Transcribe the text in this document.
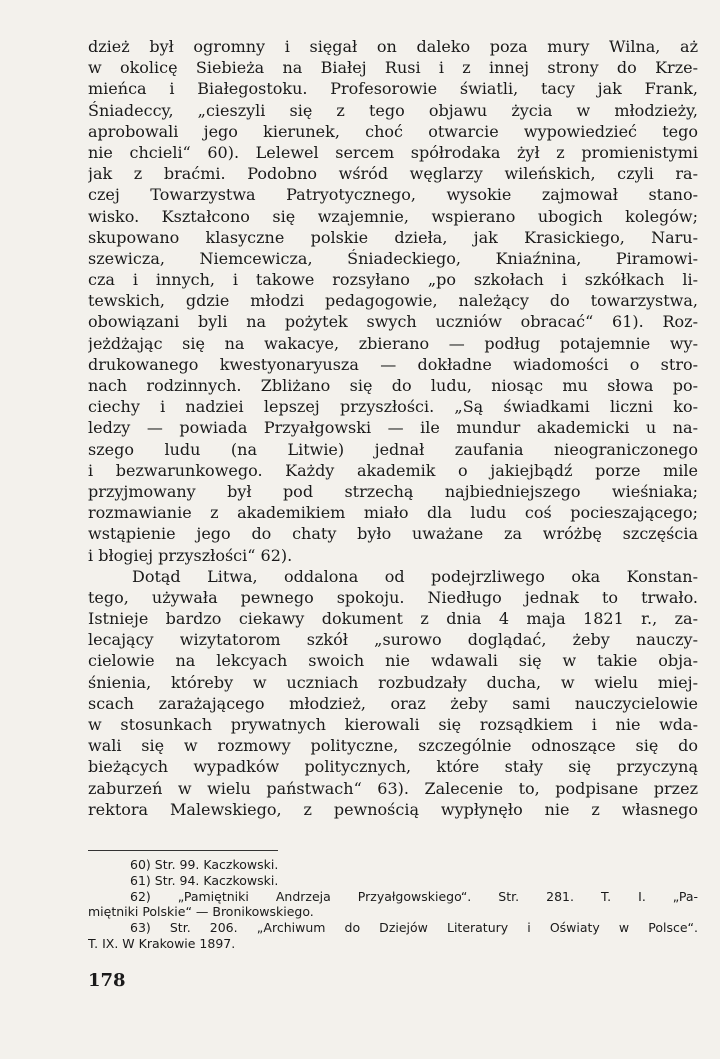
dzież był ogromny i sięgał on daleko poza mury Wilna, aż
w okolicę Siebieża na Białej Rusi i z innej strony do Krze-
mieńca i Białegostoku. Profesorowie światli, tacy jak Frank,
Śniadeccy, „cieszyli się z tego objawu życia w młodzieży,
aprobowali jego kierunek, choć otwarcie wypowiedzieć tego
nie chcieli“ 60). Lelewel sercem spółrodaka żył z promienistymi
jak z braćmi. Podobno wśród węglarzy wileńskich, czyli ra-
czej Towarzystwa Patryotycznego, wysokie zajmował stano-
wisko. Kształcono się wzajemnie, wspierano ubogich kolegów;
skupowano klasyczne polskie dzieła, jak Krasickiego, Naru-
szewicza, Niemcewicza, Śniadeckiego, Kniaźnina, Piramowi-
cza i innych, i takowe rozsyłano „po szkołach i szkółkach li-
tewskich, gdzie młodzi pedagogowie, należący do towarzystwa,
obowiązani byli na pożytek swych uczniów obracać“ 61). Roz-
jeżdżając się na wakacye, zbierano — podług potajemnie wy-
drukowanego kwestyonaryusza — dokładne wiadomości o stro-
nach rodzinnych. Zbliżano się do ludu, niosąc mu słowa po-
ciechy i nadziei lepszej przyszłości. „Są świadkami liczni ko-
ledzy — powiada Przyałgowski — ile mundur akademicki u na-
szego ludu (na Litwie) jednał zaufania nieograniczonego
i bezwarunkowego. Każdy akademik o jakiejbądź porze mile
przyjmowany był pod strzechą najbiedniejszego wieśniaka;
rozmawianie z akademikiem miało dla ludu coś pocieszającego;
wstąpienie jego do chaty było uważane za wróżbę szczęścia
i błogiej przyszłości“ 62).
Dotąd Litwa, oddalona od podejrzliwego oka Konstan-
tego, używała pewnego spokoju. Niedługo jednak to trwało.
Istnieje bardzo ciekawy dokument z dnia 4 maja 1821 r., za-
lecający wizytatorom szkół „surowo doglądać, żeby nauczy-
cielowie na lekcyach swoich nie wdawali się w takie obja-
śnienia, któreby w uczniach rozbudzały ducha, w wielu miej-
scach zarażającego młodzież, oraz żeby sami nauczycielowie
w stosunkach prywatnych kierowali się rozsądkiem i nie wda-
wali się w rozmowy polityczne, szczególnie odnoszące się do
bieżących wypadków politycznych, które stały się przyczyną
zaburzeń w wielu państwach“ 63). Zalecenie to, podpisane przez
rektora Malewskiego, z pewnością wypłynęło nie z własnego
60) Str. 99. Kaczkowski.
61) Str. 94. Kaczkowski.
62) „Pamiętniki Andrzeja Przyałgowskiego“. Str. 281. T. I. „Pa-
miętniki Polskie“ — Bronikowskiego.
63) Str. 206. „Archiwum do Dziejów Literatury i Oświaty w Polsce“.
T. IX. W Krakowie 1897.
178
